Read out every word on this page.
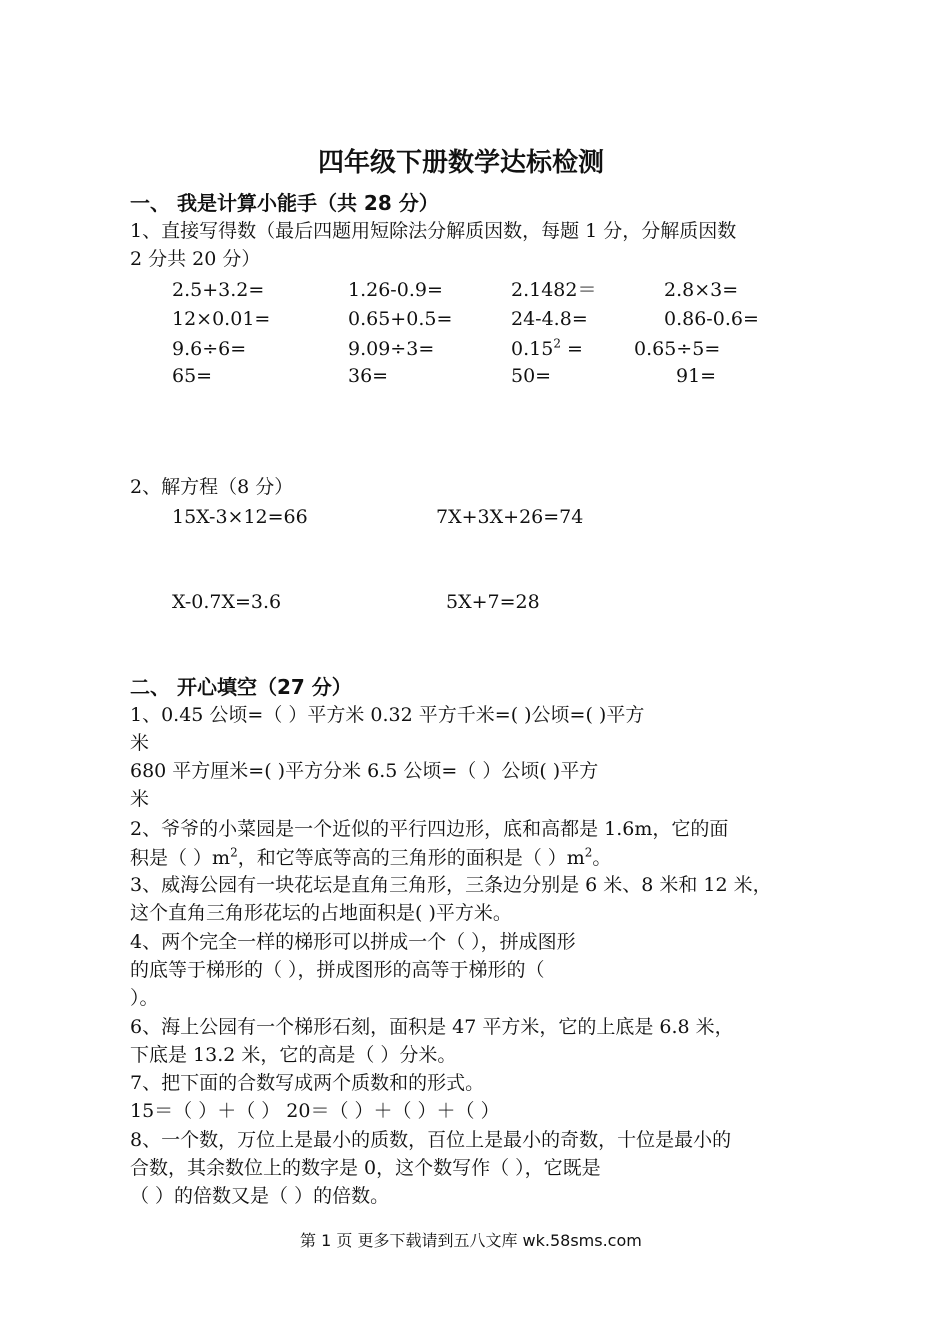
四年级下册数学达标检测
一、 我是计算小能手（共 28 分）
1、直接写得数（最后四题用短除法分解质因数，每题 1 分，分解质因数
2 分共 20 分）
2.5+3.2=	1.26-0.9=	2.1482＝	2.8×3=
12×0.01=	0.65+0.5=	24-4.8=	0.86-0.6=
9.6÷6=	9.09÷3=	$0.15^2$ =	0.65÷5=
65=	36=	50=	91=
2、解方程（8 分）
15X-3×12=66	7X+3X+26=74
X-0.7X=3.6	5X+7=28
二、 开心填空（27 分）
1、0.45 公顷=（ ）平方米 0.32 平方千米=( )公顷=( )平方
米
680 平方厘米=( )平方分米 6.5 公顷=（ ）公顷( )平方
米
2、爷爷的小菜园是一个近似的平行四边形，底和高都是 1.6m，它的面
积是（ ）$m^2$，和它等底等高的三角形的面积是（ ）$m^2$。
3、威海公园有一块花坛是直角三角形，三条边分别是 6 米、8 米和 12 米，
这个直角三角形花坛的占地面积是( )平方米。
4、两个完全一样的梯形可以拼成一个（ ），拼成图形
的底等于梯形的（ ），拼成图形的高等于梯形的（
）。
6、海上公园有一个梯形石刻，面积是 47 平方米，它的上底是 6.8 米，
下底是 13.2 米，它的高是（ ）分米。
7、把下面的合数写成两个质数和的形式。
15＝（ ）＋（ ） 20＝（ ）＋（ ）＋（ ）
8、一个数，万位上是最小的质数，百位上是最小的奇数，十位是最小的
合数，其余数位上的数字是 0，这个数写作（ ），它既是
（ ）的倍数又是（ ）的倍数。
第 1 页 更多下载请到五八文库 wk.58sms.com
